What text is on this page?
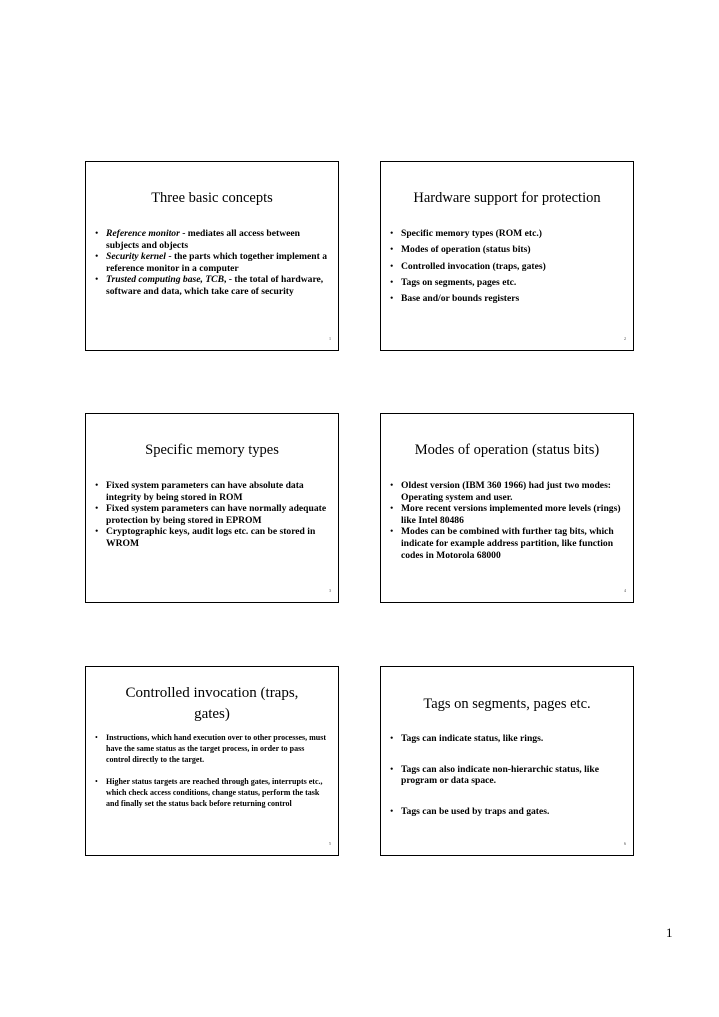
Three basic concepts
• Reference monitor - mediates all access between subjects and objects
• Security kernel - the parts which together implement a reference monitor in a computer
• Trusted computing base, TCB, - the total of hardware, software and data, which take care of security
1
Hardware support for protection
• Specific memory types (ROM etc.)
• Modes of operation (status bits)
• Controlled invocation (traps, gates)
• Tags on segments, pages etc.
• Base and/or bounds registers
2
Specific memory types
• Fixed system parameters can have absolute data integrity by being stored in ROM
• Fixed system parameters can have normally adequate protection by being stored in EPROM
• Cryptographic keys, audit logs etc. can be stored in WROM
3
Modes of operation (status bits)
• Oldest version (IBM 360 1966) had just two modes: Operating system and user.
• More recent versions implemented more levels (rings) like Intel 80486
• Modes can be combined with further tag bits, which indicate for example address partition, like function codes in Motorola 68000
4
Controlled invocation (traps, gates)
• Instructions, which hand execution over to other processes, must have the same status as the target process, in order to pass control directly to the target.
• Higher status targets are reached through gates, interrupts etc., which check access conditions, change status, perform the task and finally set the status back before returning control
5
Tags on segments, pages etc.
• Tags can indicate status, like rings.
• Tags can also indicate non-hierarchic status, like program or data space.
• Tags can be used by traps and gates.
6
1
